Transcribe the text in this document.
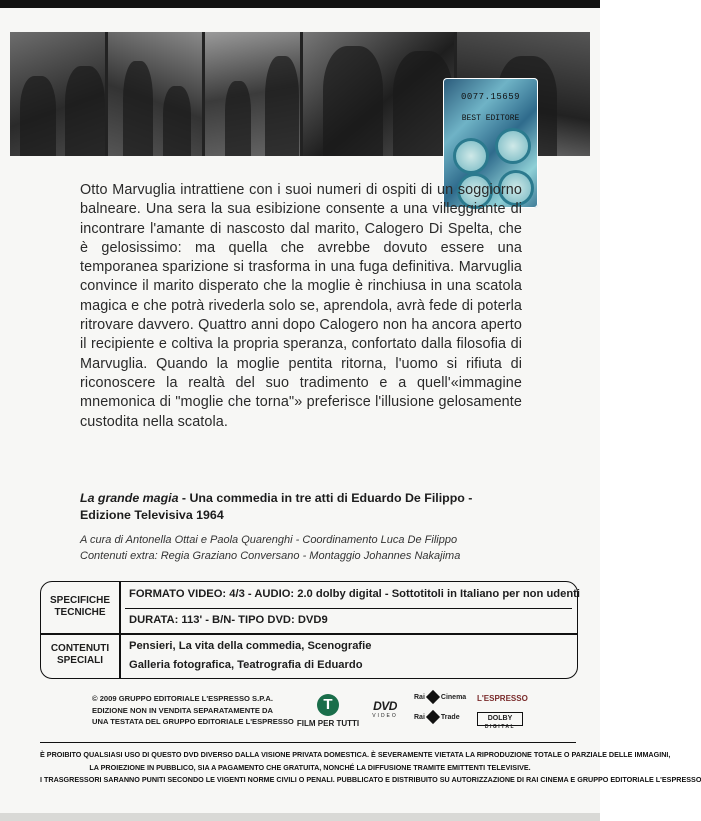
0077.15659
BEST EDITORE

Otto Marvuglia intrattiene con i suoi numeri di ospiti di un soggiorno balneare. Una sera la sua esibizione consente a una villeggiante di incontrare l'amante di nascosto dal marito, Calogero Di Spelta, che è gelosissimo: ma quella che avrebbe dovuto essere una temporanea sparizione si trasforma in una fuga definitiva. Marvuglia convince il marito disperato che la moglie è rinchiusa in una scatola magica e che potrà rivederla solo se, aprendola, avrà fede di poterla ritrovare davvero. Quattro anni dopo Calogero non ha ancora aperto il recipiente e coltiva la propria speranza, confortato dalla filosofia di Marvuglia. Quando la moglie pentita ritorna, l'uomo si rifiuta di riconoscere la realtà del suo tradimento e a quell'«immagine mnemonica di "moglie che torna"» preferisce l'illusione gelosamente custodita nella scatola.

La grande magia - Una commedia in tre atti di Eduardo De Filippo - Edizione Televisiva 1964
A cura di Antonella Ottai e Paola Quarenghi - Coordinamento Luca De Filippo
Contenuti extra: Regia Graziano Conversano - Montaggio Johannes Nakajima
SPECIFICHE
TECNICHE
FORMATO VIDEO: 4/3 - AUDIO: 2.0 dolby digital - Sottotitoli in Italiano per non udenti
DURATA: 113' - B/N- TIPO DVD: DVD9
CONTENUTI
SPECIALI
Pensieri, La vita della commedia, Scenografie
Galleria fotografica, Teatrografia di Eduardo
© 2009 GRUPPO EDITORIALE L'ESPRESSO S.P.A.
EDIZIONE NON IN VENDITA SEPARATAMENTE DA
UNA TESTATA DEL GRUPPO EDITORIALE L'ESPRESSO
T
FILM PER TUTTI
DVD
VIDEO
Rai Cinema
Rai Trade
L'ESPRESSO
DOLBY
DIGITAL
È PROIBITO QUALSIASI USO DI QUESTO DVD DIVERSO DALLA VISIONE PRIVATA DOMESTICA. È SEVERAMENTE VIETATA LA RIPRODUZIONE TOTALE O PARZIALE DELLE IMMAGINI,
LA PROIEZIONE IN PUBBLICO, SIA A PAGAMENTO CHE GRATUITA, NONCHÉ LA DIFFUSIONE TRAMITE EMITTENTI TELEVISIVE.
I TRASGRESSORI SARANNO PUNITI SECONDO LE VIGENTI NORME CIVILI O PENALI. PUBBLICATO E DISTRIBUITO SU AUTORIZZAZIONE DI RAI CINEMA E GRUPPO EDITORIALE L'ESPRESSO
